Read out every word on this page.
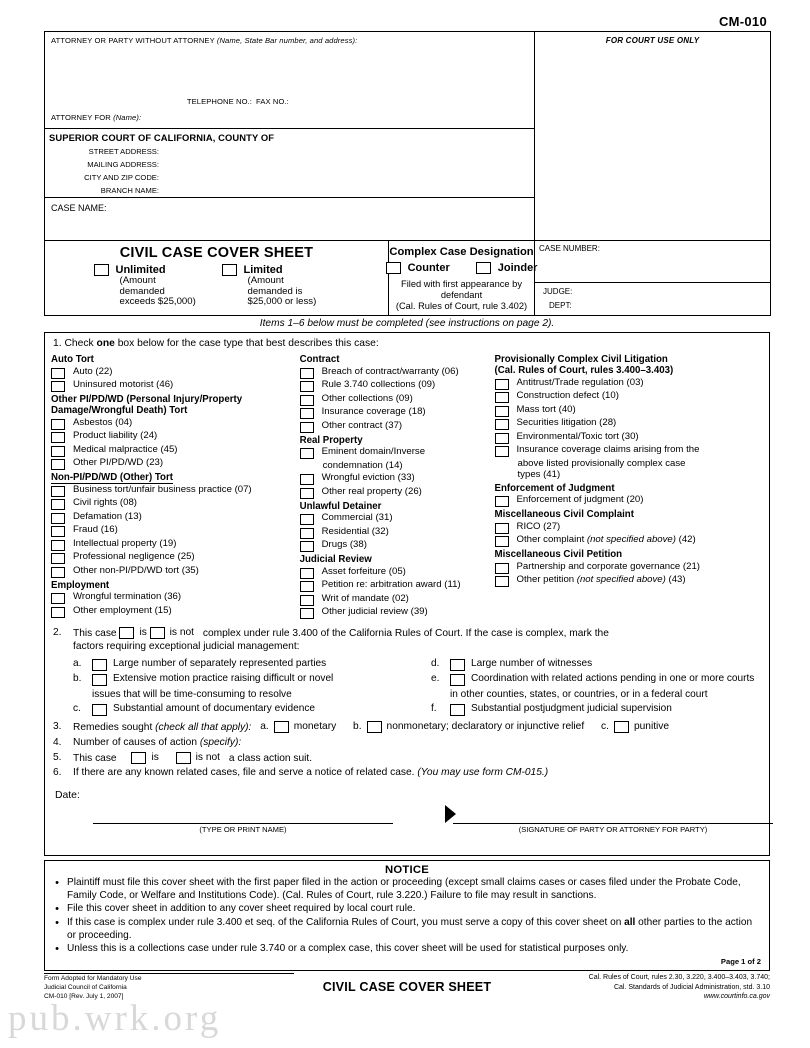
pub.wrk.org
CM-010
ATTORNEY OR PARTY WITHOUT ATTORNEY (Name, State Bar number, and address):
TELEPHONE NO.: FAX NO.:
ATTORNEY FOR (Name):		FOR COURT USE ONLY

SUPERIOR COURT OF CALIFORNIA, COUNTY OF
STREET ADDRESS:
MAILING ADDRESS:
CITY AND ZIP CODE:
BRANCH NAME:		

CASE NAME:		

CIVIL CASE COVER SHEET
Unlimited
(Amount
demanded
exceeds $25,000)
Limited
(Amount
demanded is
$25,000 or less)

Complex Case Designation
Counter	Joinder
Filed with first appearance by defendant
(Cal. Rules of Court, rule 3.402)

CASE NUMBER:
JUDGE:
DEPT:
Items 1–6 below must be completed (see instructions on page 2).
1. Check one box below for the case type that best describes this case:
Auto Tort
Auto (22)
Uninsured motorist (46)
Other PI/PD/WD (Personal Injury/Property
Damage/Wrongful Death) Tort
Asbestos (04)
Product liability (24)
Medical malpractice (45)
Other PI/PD/WD (23)
Non-PI/PD/WD (Other) Tort
Business tort/unfair business practice (07)
Civil rights (08)
Defamation (13)
Fraud (16)
Intellectual property (19)
Professional negligence (25)
Other non-PI/PD/WD tort (35)
Employment
Wrongful termination (36)
Other employment (15)
Contract
Breach of contract/warranty (06)
Rule 3.740 collections (09)
Other collections (09)
Insurance coverage (18)
Other contract (37)
Real Property
Eminent domain/Inverse
condemnation (14)
Wrongful eviction (33)
Other real property (26)
Unlawful Detainer
Commercial (31)
Residential (32)
Drugs (38)
Judicial Review
Asset forfeiture (05)
Petition re: arbitration award (11)
Writ of mandate (02)
Other judicial review (39)
Provisionally Complex Civil Litigation
(Cal. Rules of Court, rules 3.400–3.403)
Antitrust/Trade regulation (03)
Construction defect (10)
Mass tort (40)
Securities litigation (28)
Environmental/Toxic tort (30)
Insurance coverage claims arising from the
above listed provisionally complex case
types (41)
Enforcement of Judgment
Enforcement of judgment (20)
Miscellaneous Civil Complaint
RICO (27)
Other complaint (not specified above) (42)
Miscellaneous Civil Petition
Partnership and corporate governance (21)
Other petition (not specified above) (43)
2.	This case is
is not complex under rule 3.400 of the California Rules of Court. If the case is complex, mark the
factors requiring exceptional judicial management:
a.	Large number of separately represented parties
b.	Extensive motion practice raising difficult or novel
issues that will be time-consuming to resolve
c.	Substantial amount of documentary evidence
d.	Large number of witnesses
e.	Coordination with related actions pending in one or more courts
in other counties, states, or countries, or in a federal court
f.	Substantial postjudgment judicial supervision
3.	Remedies sought (check all that apply): a. monetary
b. nonmonetary; declaratory or injunctive relief
c. punitive
4.	Number of causes of action (specify):
5.	This case	is
	is not a class action suit.
6.	If there are any known related cases, file and serve a notice of related case. (You may use form CM-015.)
Date:
(TYPE OR PRINT NAME)	(SIGNATURE OF PARTY OR ATTORNEY FOR PARTY)
NOTICE
• Plaintiff must file this cover sheet with the first paper filed in the action or proceeding (except small claims cases or cases filed under the Probate Code, Family Code, or Welfare and Institutions Code). (Cal. Rules of Court, rule 3.220.) Failure to file may result in sanctions.
• File this cover sheet in addition to any cover sheet required by local court rule.
• If this case is complex under rule 3.400 et seq. of the California Rules of Court, you must serve a copy of this cover sheet on all other parties to the action or proceeding.
• Unless this is a collections case under rule 3.740 or a complex case, this cover sheet will be used for statistical purposes only.
Page 1 of 2
Form Adopted for Mandatory Use
Judicial Council of California
CM-010 [Rev. July 1, 2007]
CIVIL CASE COVER SHEET
Cal. Rules of Court, rules 2.30, 3.220, 3.400–3.403, 3.740;
Cal. Standards of Judicial Administration, std. 3.10
www.courtinfo.ca.gov
